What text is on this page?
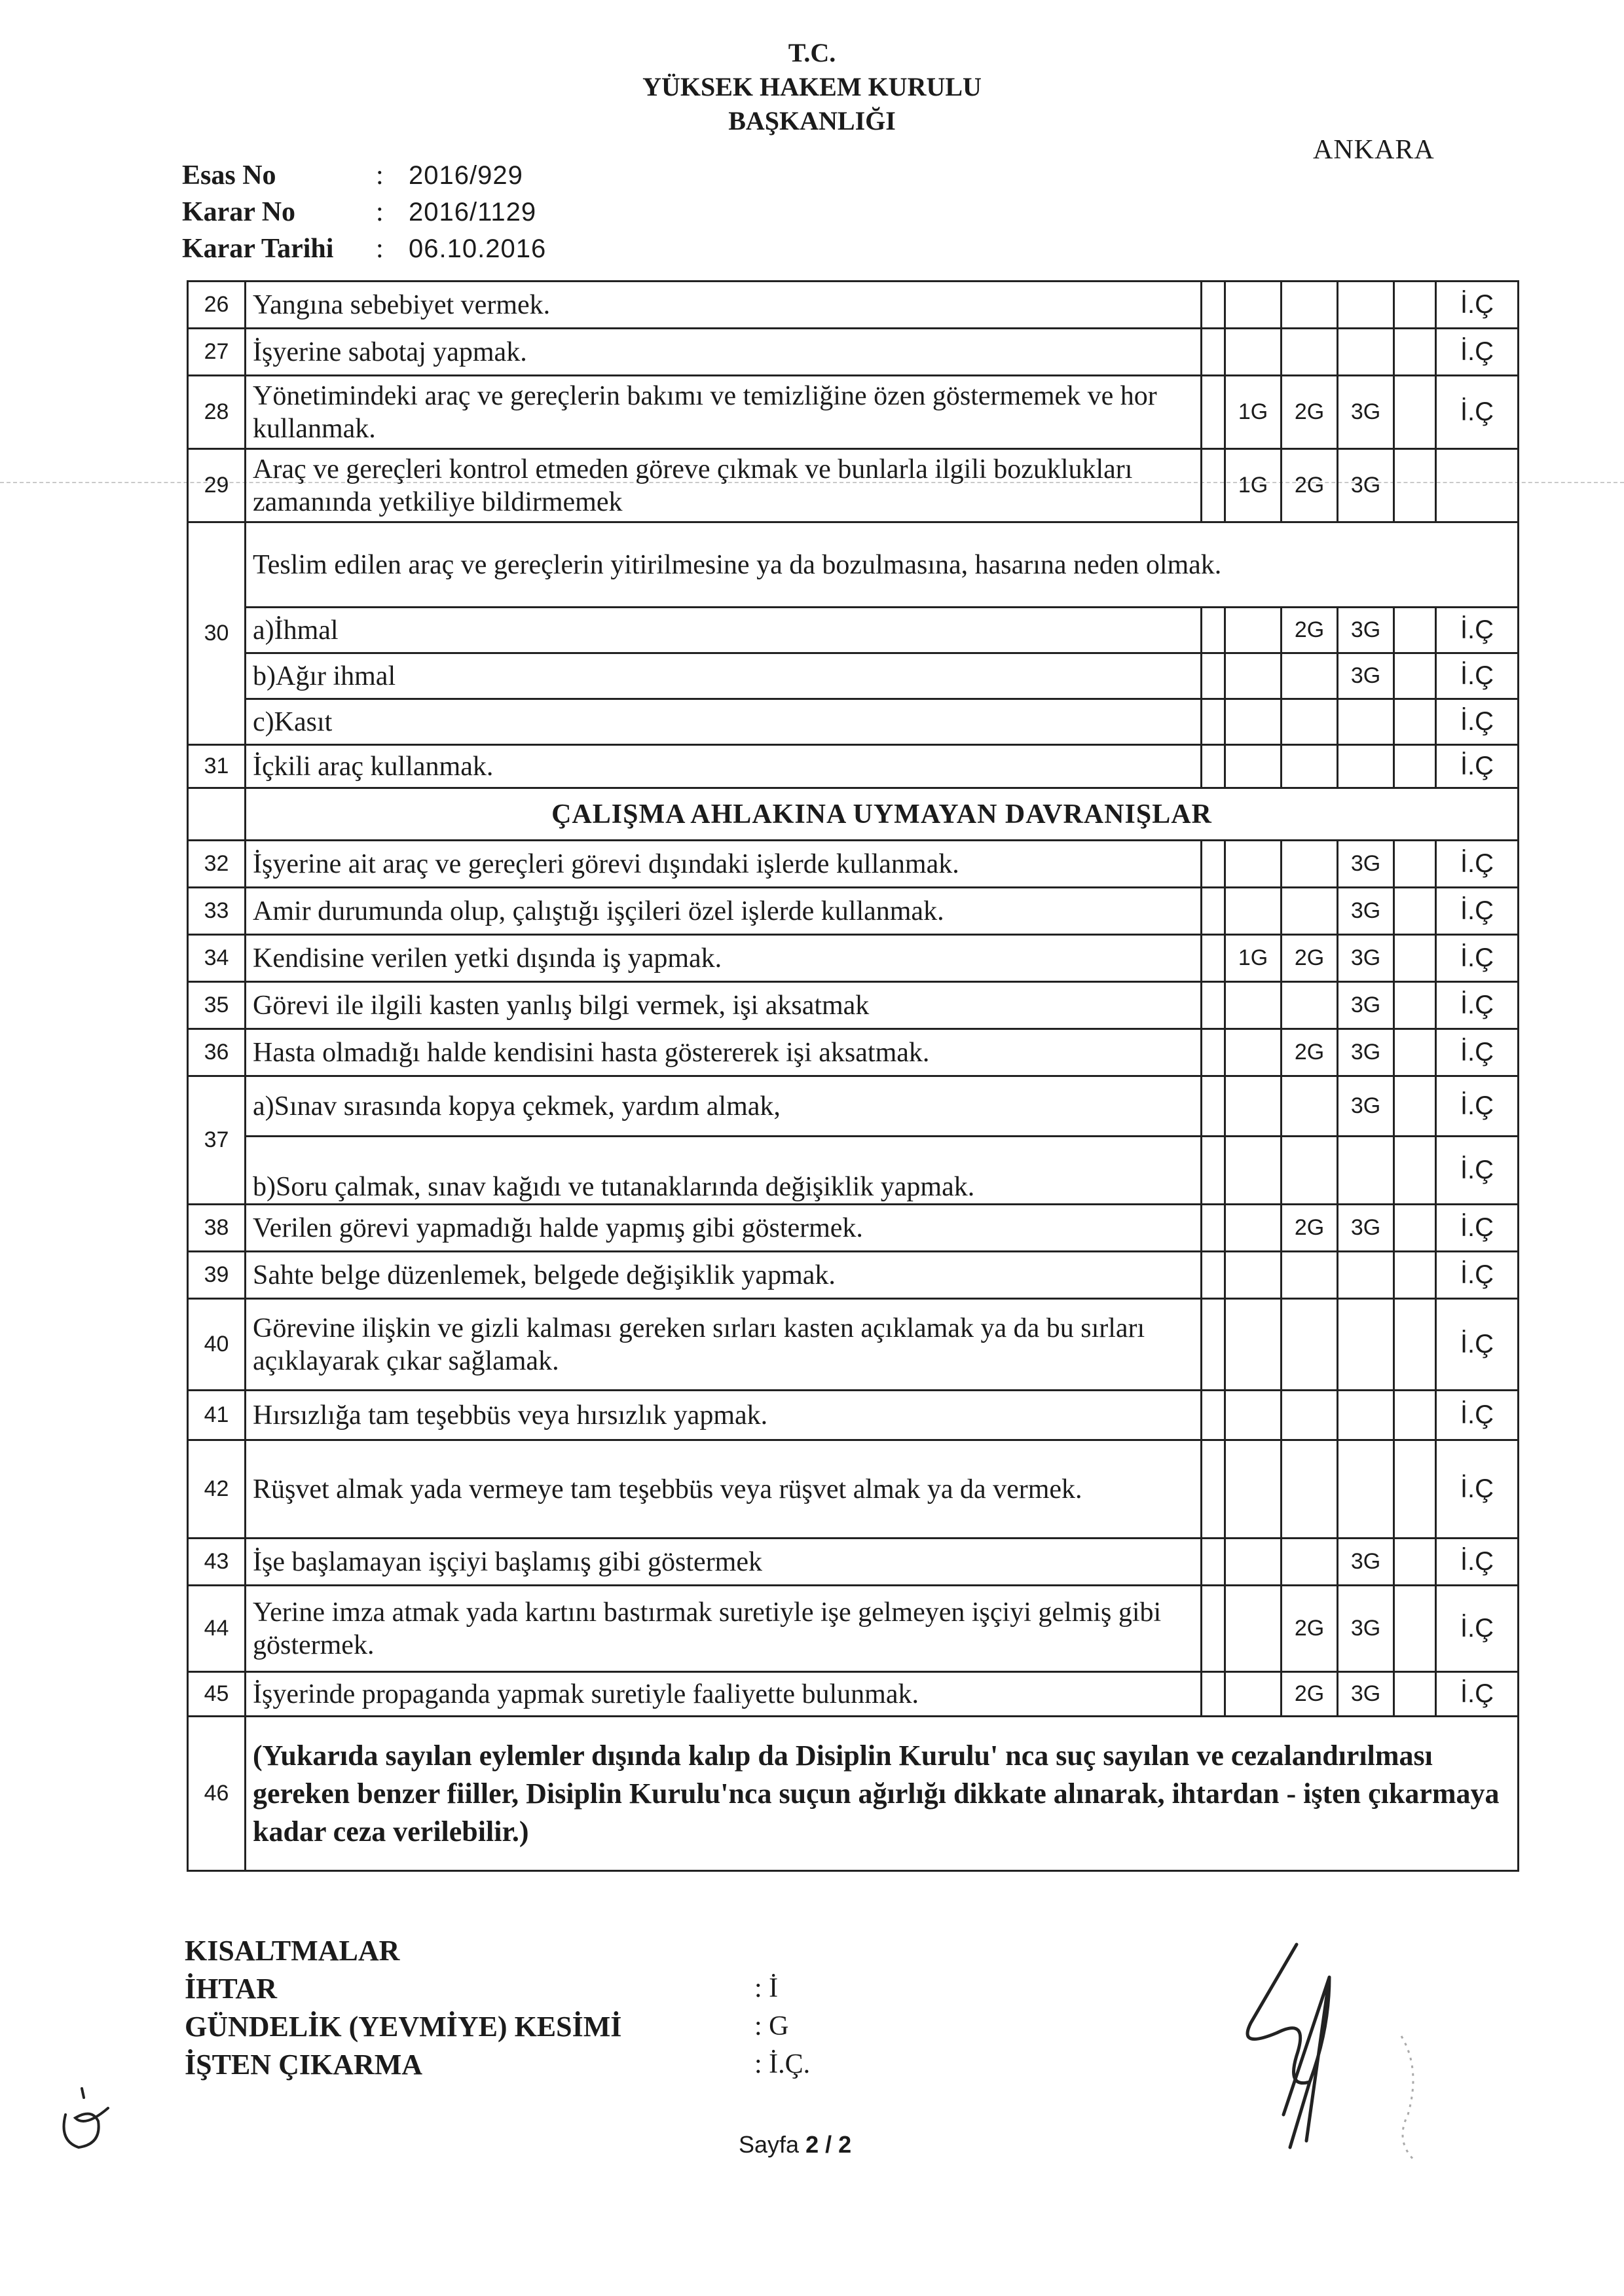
T.C.
YÜKSEK HAKEM KURULU
BAŞKANLIĞI
ANKARA
Esas No	: 2016/929
Karar No	: 2016/1129
Karar Tarihi	: 06.10.2016
26	Yangına sebebiyet vermek.						İ.Ç
27	İşyerine sabotaj yapmak.						İ.Ç
28	Yönetimindeki araç ve gereçlerin bakımı ve temizliğine özen göstermemek ve hor kullanmak.		1G	2G	3G		İ.Ç
29	Araç ve gereçleri kontrol etmeden göreve çıkmak ve bunlarla ilgili bozuklukları zamanında yetkiliye bildirmemek		1G	2G	3G		
30	Teslim edilen araç ve gereçlerin yitirilmesine ya da bozulmasına, hasarına neden olmak.						
	a)İhmal			2G	3G		İ.Ç
	b)Ağır ihmal				3G		İ.Ç
	c)Kasıt						İ.Ç
31	İçkili araç kullanmak.						İ.Ç
	ÇALIŞMA AHLAKINA UYMAYAN DAVRANIŞLAR						
32	İşyerine ait araç ve gereçleri görevi dışındaki işlerde kullanmak.				3G		İ.Ç
33	Amir durumunda olup, çalıştığı işçileri özel işlerde kullanmak.				3G		İ.Ç
34	Kendisine verilen yetki dışında iş yapmak.		1G	2G	3G		İ.Ç
35	Görevi ile ilgili kasten yanlış bilgi vermek, işi aksatmak				3G		İ.Ç
36	Hasta olmadığı halde kendisini hasta göstererek işi aksatmak.			2G	3G		İ.Ç
37	a)Sınav sırasında kopya çekmek, yardım almak,				3G		İ.Ç
	b)Soru çalmak, sınav kağıdı ve tutanaklarında değişiklik yapmak.						İ.Ç
38	Verilen görevi yapmadığı halde yapmış gibi göstermek.			2G	3G		İ.Ç
39	Sahte belge düzenlemek, belgede değişiklik yapmak.						İ.Ç
40	Görevine ilişkin ve gizli kalması gereken sırları kasten açıklamak ya da bu sırları açıklayarak çıkar sağlamak.						İ.Ç
41	Hırsızlığa tam teşebbüs veya hırsızlık yapmak.						İ.Ç
42	Rüşvet almak yada vermeye tam teşebbüs veya rüşvet almak ya da vermek.						İ.Ç
43	İşe başlamayan işçiyi başlamış gibi göstermek				3G		İ.Ç
44	Yerine imza atmak yada kartını bastırmak suretiyle işe gelmeyen işçiyi gelmiş gibi göstermek.			2G	3G		İ.Ç
45	İşyerinde propaganda yapmak suretiyle faaliyette bulunmak.			2G	3G		İ.Ç
46	(Yukarıda sayılan eylemler dışında kalıp da Disiplin Kurulu' nca suç sayılan ve cezalandırılması gereken benzer fiiller, Disiplin Kurulu'nca suçun ağırlığı dikkate alınarak, ihtardan - işten çıkarmaya kadar ceza verilebilir.)						
KISALTMALAR
İHTAR	: İ
GÜNDELİK (YEVMİYE) KESİMİ	: G
İŞTEN ÇIKARMA	: İ.Ç.
Sayfa 2 / 2
